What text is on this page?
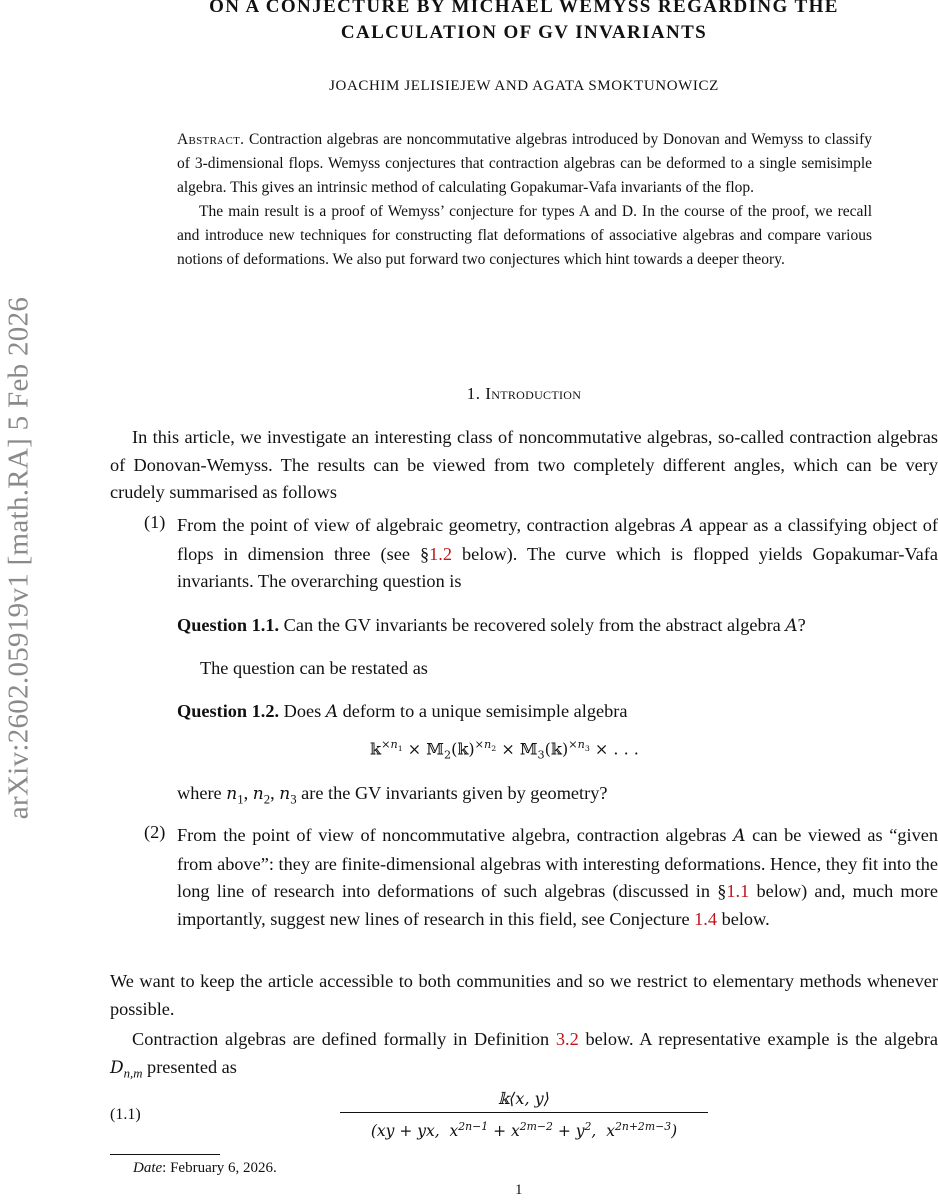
arXiv:2602.05919v1 [math.RA] 5 Feb 2026
ON A CONJECTURE BY MICHAEL WEMYSS REGARDING THE
CALCULATION OF GV INVARIANTS
JOACHIM JELISIEJEW AND AGATA SMOKTUNOWICZ
Abstract. Contraction algebras are noncommutative algebras introduced by Donovan and Wemyss to classify of 3-dimensional flops. Wemyss conjectures that contraction algebras can be deformed to a single semisimple algebra. This gives an intrinsic method of calculating Gopakumar-Vafa invariants of the flop.
The main result is a proof of Wemyss’ conjecture for types A and D. In the course of the proof, we recall and introduce new techniques for constructing flat deformations of associative algebras and compare various notions of deformations. We also put forward two conjectures which hint towards a deeper theory.
1. Introduction
In this article, we investigate an interesting class of noncommutative algebras, so-called contraction algebras of Donovan-Wemyss. The results can be viewed from two completely different angles, which can be very crudely summarised as follows
(1) From the point of view of algebraic geometry, contraction algebras A appear as a classifying object of flops in dimension three (see §1.2 below). The curve which is flopped yields Gopakumar-Vafa invariants. The overarching question is
Question 1.1. Can the GV invariants be recovered solely from the abstract algebra A?
The question can be restated as
Question 1.2. Does A deform to a unique semisimple algebra
𝕜$^{\times n_1}$ × 𝕄$_2$(𝕜)$^{\times n_2}$ × 𝕄$_3$(𝕜)$^{\times n_3}$ × . . .
where $n_1$, $n_2$, $n_3$ are the GV invariants given by geometry?
(2) From the point of view of noncommutative algebra, contraction algebras A can be viewed as “given from above”: they are finite-dimensional algebras with interesting deformations. Hence, they fit into the long line of research into deformations of such algebras (discussed in §1.1 below) and, much more importantly, suggest new lines of research in this field, see Conjecture 1.4 below.
We want to keep the article accessible to both communities and so we restrict to elementary methods whenever possible.
Contraction algebras are defined formally in Definition 3.2 below. A representative example is the algebra $D_{n,m}$ presented as
(1.1)
𝕜⟨x, y⟩
(xy + yx,  $x^{2n-1} + x^{2m-2} + y^2$,  $x^{2n+2m-3}$)
Date: February 6, 2026.
1
